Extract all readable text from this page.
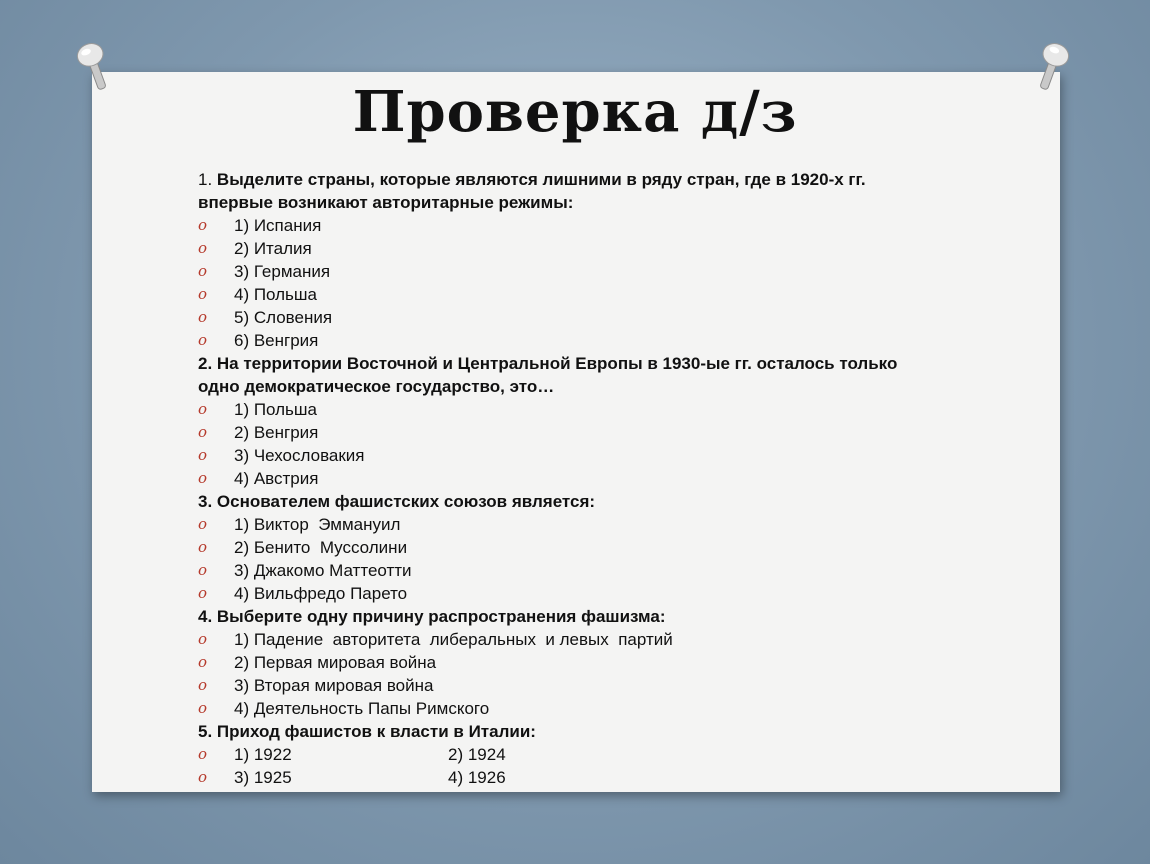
Проверка д/з

1. Выделите страны, которые являются лишними в ряду стран, где в 1920-х гг.
впервые возникают авторитарные режимы:

o 1) Испания
o 2) Италия
o 3) Германия
o 4) Польша
o 5) Словения
o 6) Венгрия

2. На территории Восточной и Центральной Европы в 1930-ые гг. осталось только
одно демократическое государство, это…

o 1) Польша
o 2) Венгрия
o 3) Чехословакия
o 4) Австрия

3. Основателем фашистских союзов является:

o 1) Виктор  Эммануил
o 2) Бенито  Муссолини
o 3) Джакомо Маттеотти
o 4) Вильфредо Парето

4. Выберите одну причину распространения фашизма:

o 1) Падение  авторитета  либеральных  и левых  партий
o 2) Первая мировая война
o 3) Вторая мировая война
o 4) Деятельность Папы Римского

5. Приход фашистов к власти в Италии:

o 1) 1922	2) 1924
o 3) 1925	4) 1926
